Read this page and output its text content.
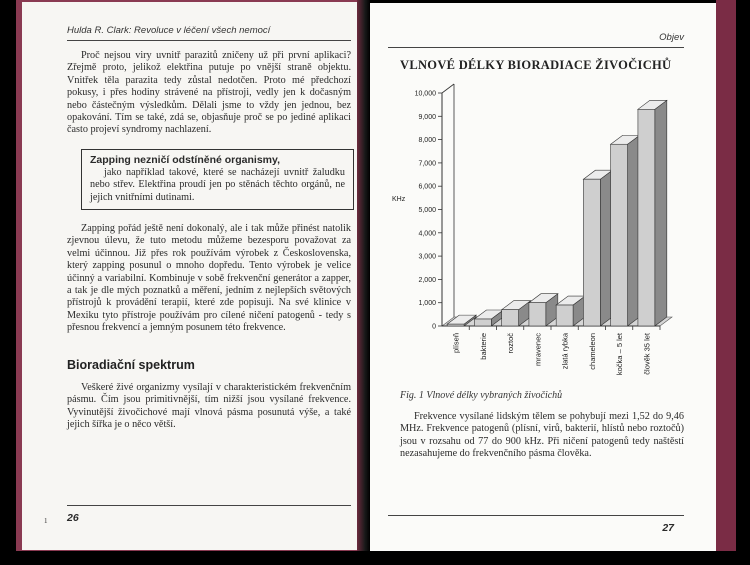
Hulda R. Clark: Revoluce v léčení všech nemocí

Proč nejsou viry uvnitř parazitů zničeny už při první aplikaci? Zřejmě proto, jelikož elektřina putuje po vnější straně objektu. Vnitřek těla parazita tedy zůstal nedotčen. Proto mé předchozí pokusy, i přes hodiny strávené na přístroji, vedly jen k dočasným nebo částečným výsledkům. Dělali jsme to vždy jen jednou, bez opakování. Tím se také, zdá se, objasňuje proč se po jediné aplikaci často projeví syndromy nachlazení.

Zapping nezničí odstíněné organismy,

jako například takové, které se nacházejí uvnitř žaludku nebo střev. Elektřina proudí jen po stěnách těchto orgánů, ne jejich vnitřními dutinami.

Zapping pořád ještě není dokonalý, ale i tak může přinést natolik zjevnou úlevu, že tuto metodu můžeme bezesporu považovat za velmi účinnou. Již přes rok používám výrobek z Československa, který zapping posunul o mnoho dopředu. Tento výrobek je velice účinný a variabilní. Kombinuje v sobě frekvenční generátor a zapper, a tak je dle mých poznatků a měření, jedním z nejlepších světových přístrojů k provádění terapií, které zde popisuji. Na své klinice v Mexiku tyto přístroje používám pro cílené ničení patogenů - tedy s přesnou frekvencí a jemným posunem této frekvence.

Bioradiační spektrum

Veškeré živé organizmy vysílají v charakteristickém frekvenčním pásmu. Čím jsou primitivnější, tím nižší jsou vysílané frekvence. Vyvinutější živočichové mají vlnová pásma posunutá výše, a také jejich šířka je o něco větší.

26
1
Objev
VLNOVÉ DÉLKY BIORADIACE ŽIVOČICHŮ
0
1,000
2,000
3,000
4,000
5,000
6,000
7,000
8,000
9,000
10,000
KHz
plíseň bakterie roztoč mravenec zlatá rybka chameleon kočka – 5 let člověk 35 let
Fig. 1 Vlnové délky vybraných živočichů

Frekvence vysílané lidským tělem se pohybují mezi 1,52 do 9,46 MHz. Frekvence patogenů (plísní, virů, bakterií, hlístů nebo roztočů) jsou v rozsahu od 77 do 900 kHz. Při ničení patogenů tedy naštěstí nezasahujeme do frekvenčního pásma člověka.

27
